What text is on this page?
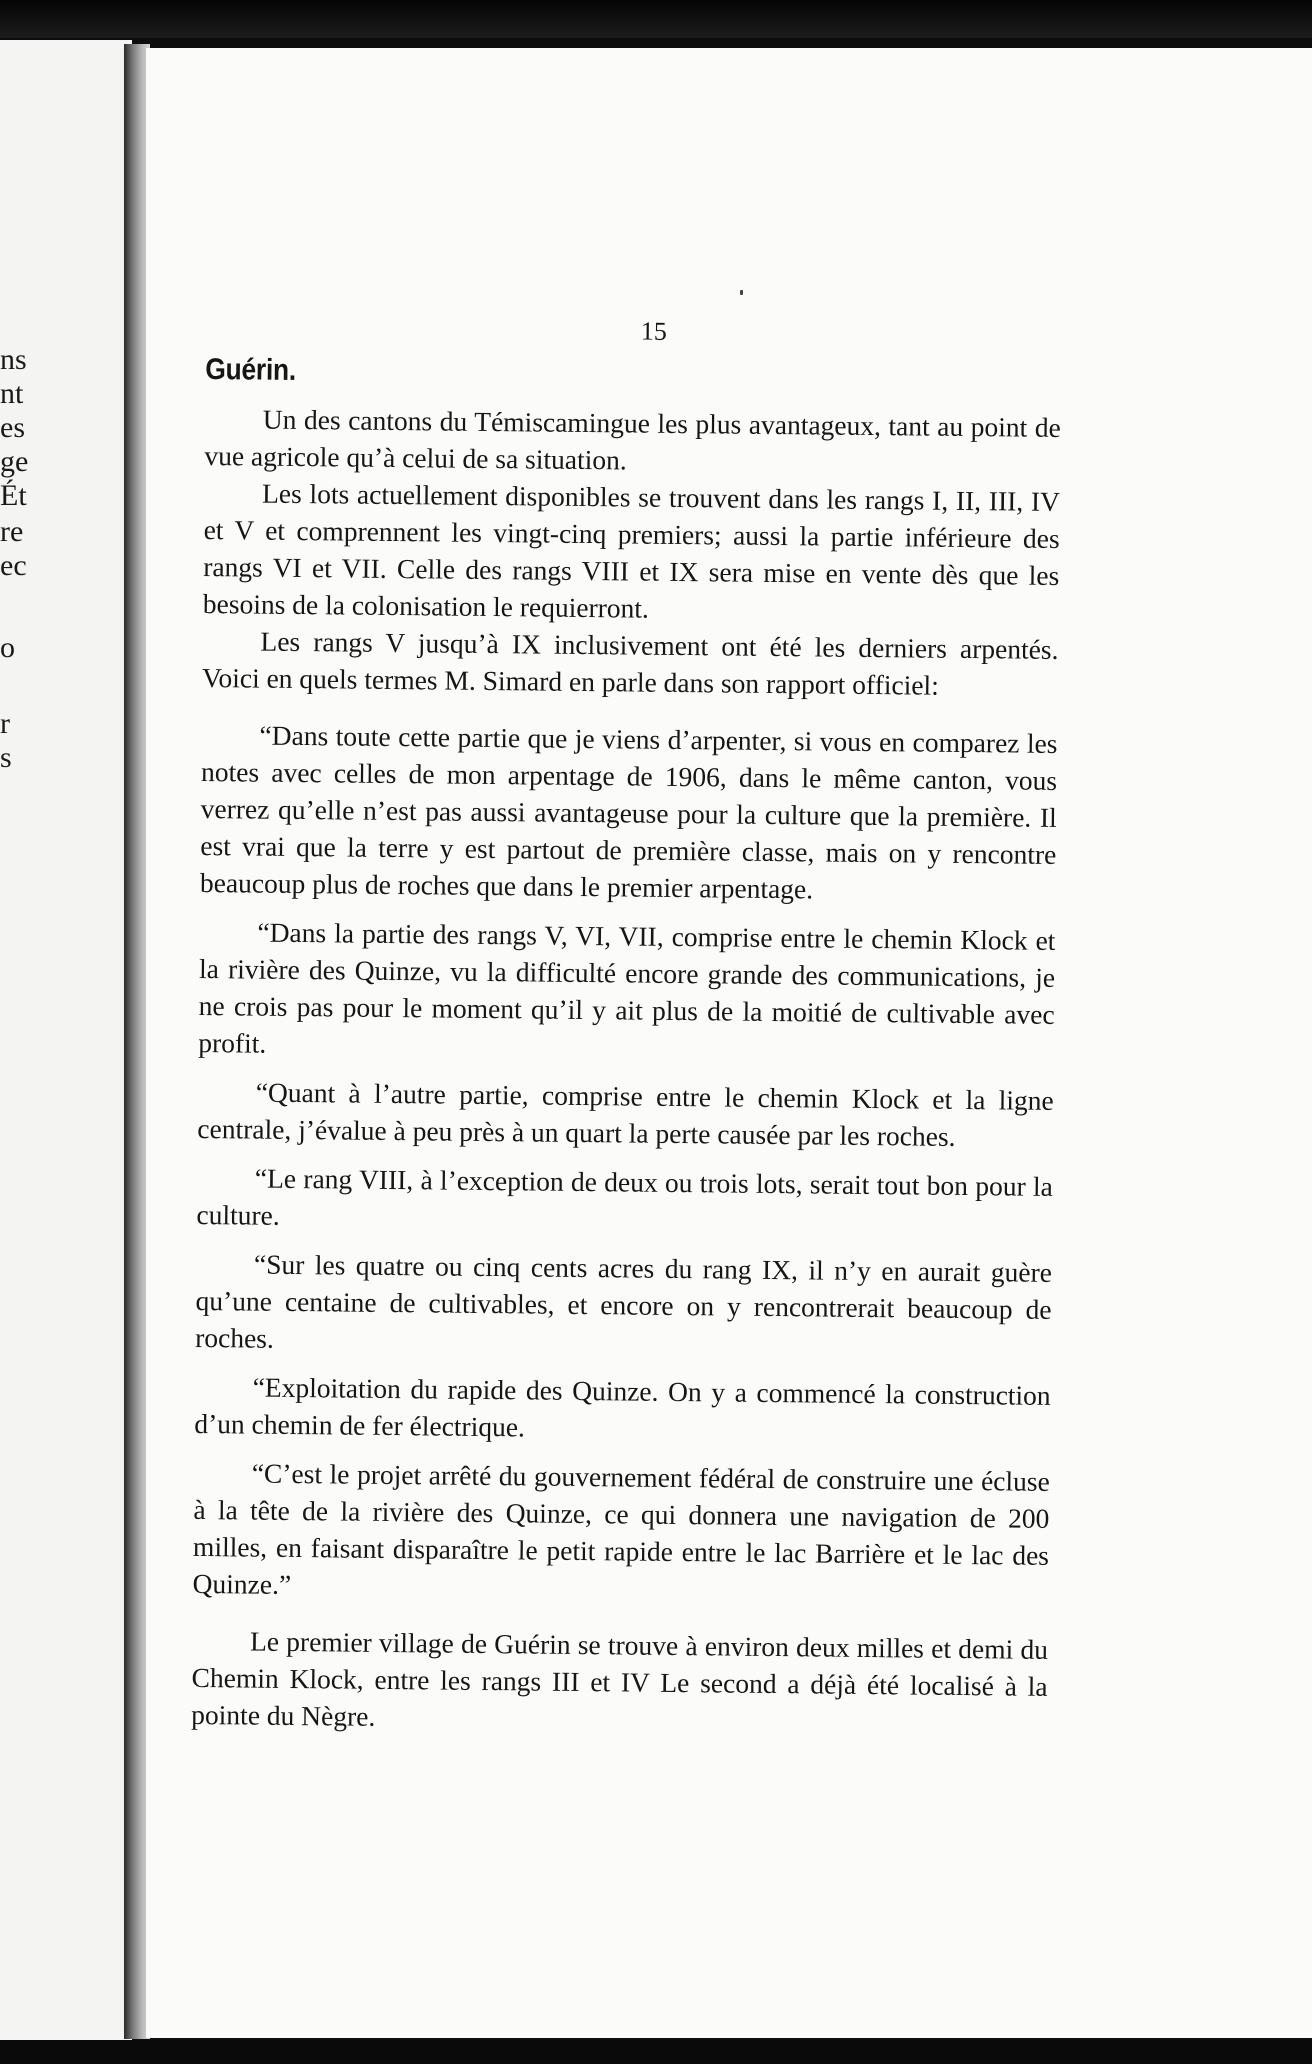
ns
nt
es
ge
Ét
re
ec
o
r
s
15
Guérin.

Un des cantons du Témiscamingue les plus avantageux, tant au point de vue agricole qu’à celui de sa situation.

Les lots actuellement disponibles se trouvent dans les rangs I, II, III, IV et V et comprennent les vingt-cinq premiers; aussi la partie inférieure des rangs VI et VII. Celle des rangs VIII et IX sera mise en vente dès que les besoins de la colonisation le requierront.

Les rangs V jusqu’à IX inclusivement ont été les derniers arpentés. Voici en quels termes M. Simard en parle dans son rapport officiel:

“Dans toute cette partie que je viens d’arpenter, si vous en comparez les notes avec celles de mon arpentage de 1906, dans le même canton, vous verrez qu’elle n’est pas aussi avantageuse pour la culture que la première. Il est vrai que la terre y est partout de première classe, mais on y rencontre beaucoup plus de roches que dans le premier arpentage.

“Dans la partie des rangs V, VI, VII, comprise entre le chemin Klock et la rivière des Quinze, vu la difficulté encore grande des communications, je ne crois pas pour le moment qu’il y ait plus de la moitié de cultivable avec profit.

“Quant à l’autre partie, comprise entre le chemin Klock et la ligne centrale, j’évalue à peu près à un quart la perte causée par les roches.

“Le rang VIII, à l’exception de deux ou trois lots, serait tout bon pour la culture.

“Sur les quatre ou cinq cents acres du rang IX, il n’y en aurait guère qu’une centaine de cultivables, et encore on y rencontrerait beaucoup de roches.

“Exploitation du rapide des Quinze. On y a commencé la construction d’un chemin de fer électrique.

“C’est le projet arrêté du gouvernement fédéral de construire une écluse à la tête de la rivière des Quinze, ce qui donnera une navigation de 200 milles, en faisant disparaître le petit rapide entre le lac Barrière et le lac des Quinze.”

Le premier village de Guérin se trouve à environ deux milles et demi du Chemin Klock, entre les rangs III et IV Le second a déjà été localisé à la pointe du Nègre.
